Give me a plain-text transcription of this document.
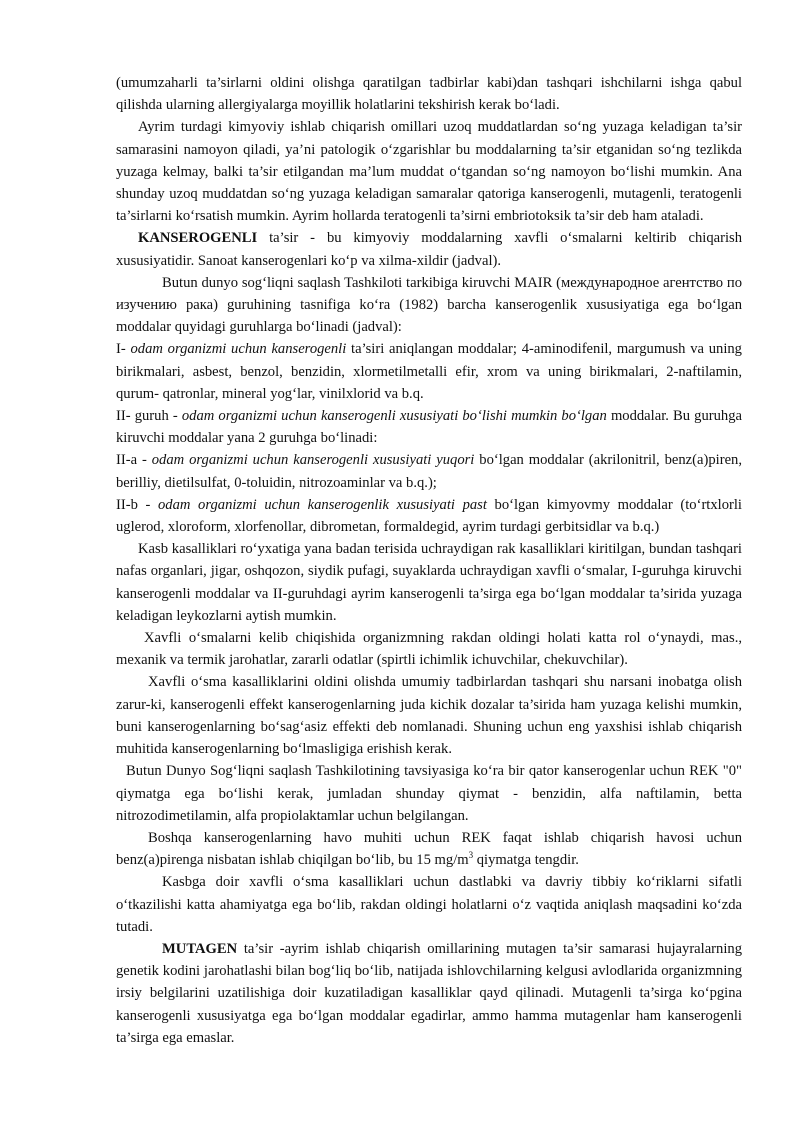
(umumzaharli ta’sirlarni oldini olishga qaratilgan tadbirlar kabi)dan tashqari ishchilarni ishga qabul qilishda ularning allergiyalarga moyillik holatlarini tekshirish kerak bo‘ladi.

Ayrim turdagi kimyoviy ishlab chiqarish omillari uzoq muddatlardan so‘ng yuzaga keladigan ta’sir samarasini namoyon qiladi, ya’ni patologik o‘zgarishlar bu moddalarning ta’sir etganidan so‘ng tezlikda yuzaga kelmay, balki ta’sir etilgandan ma’lum muddat o‘tgandan so‘ng namoyon bo‘lishi mumkin. Ana shunday uzoq muddatdan so‘ng yuzaga keladigan samaralar qatoriga kanserogenli, mutagenli, teratogenli ta’sirlarni ko‘rsatish mumkin. Ayrim hollarda teratogenli ta’sirni embriotoksik ta’sir deb ham ataladi.

KANSEROGENLI ta’sir - bu kimyoviy moddalarning xavfli o‘smalarni keltirib chiqarish xususiyatidir. Sanoat kanserogenlari ko‘p va xilma-xildir (jadval).

Butun dunyo sog‘liqni saqlash Tashkiloti tarkibiga kiruvchi MAIR (международное агентство по изучению рака) guruhining tasnifiga ko‘ra (1982) barcha kanserogenlik xususiyatiga ega bo‘lgan moddalar quyidagi guruhlarga bo‘linadi (jadval):

I- odam organizmi uchun kanserogenli ta’siri aniqlangan moddalar; 4-aminodifenil, margumush va uning birikmalari, asbest, benzol, benzidin, xlormetilmetalli efir, xrom va uning birikmalari, 2-naftilamin, qurum- qatronlar, mineral yog‘lar, vinilxlorid va b.q.

II- guruh - odam organizmi uchun kanserogenli xususiyati bo‘lishi mumkin bo‘lgan moddalar. Bu guruhga kiruvchi moddalar yana 2 guruhga bo‘linadi:

II-a - odam organizmi uchun kanserogenli xususiyati yuqori bo‘lgan moddalar (akrilonitril, benz(a)piren, berilliy, dietilsulfat, 0-toluidin, nitrozoaminlar va b.q.);

II-b - odam organizmi uchun kanserogenlik xususiyati past bo‘lgan kimyovmy moddalar (to‘rtxlorli uglerod, xloroform, xlorfenollar, dibrometan, formaldegid, ayrim turdagi gerbitsidlar va b.q.)

Kasb kasalliklari ro‘yxatiga yana badan terisida uchraydigan rak kasalliklari kiritilgan, bundan tashqari nafas organlari, jigar, oshqozon, siydik pufagi, suyaklarda uchraydigan xavfli o‘smalar, I-guruhga kiruvchi kanserogenli moddalar va II-guruhdagi ayrim kanserogenli ta’sirga ega bo‘lgan moddalar ta’sirida yuzaga keladigan leykozlarni aytish mumkin.

Xavfli o‘smalarni kelib chiqishida organizmning rakdan oldingi holati katta rol o‘ynaydi, mas., mexanik va termik jarohatlar, zararli odatlar (spirtli ichimlik ichuvchilar, chekuvchilar).

Xavfli o‘sma kasalliklarini oldini olishda umumiy tadbirlardan tashqari shu narsani inobatga olish zarur-ki, kanserogenli effekt kanserogenlarning juda kichik dozalar ta’sirida ham yuzaga kelishi mumkin, buni kanserogenlarning bo‘sag‘asiz effekti deb nomlanadi. Shuning uchun eng yaxshisi ishlab chiqarish muhitida kanserogenlarning bo‘lmasligiga erishish kerak.

Butun Dunyo Sog‘liqni saqlash Tashkilotining tavsiyasiga ko‘ra bir qator kanserogenlar uchun REK "0" qiymatga ega bo‘lishi kerak, jumladan shunday qiymat - benzidin, alfa naftilamin, betta nitrozodimetilamin, alfa propiolaktamlar uchun belgilangan.

Boshqa kanserogenlarning havo muhiti uchun REK faqat ishlab chiqarish havosi uchun benz(a)pirenga nisbatan ishlab chiqilgan bo‘lib, bu 15 $mg/m^3$ qiymatga tengdir.

Kasbga doir xavfli o‘sma kasalliklari uchun dastlabki va davriy tibbiy ko‘riklarni sifatli o‘tkazilishi katta ahamiyatga ega bo‘lib, rakdan oldingi holatlarni o‘z vaqtida aniqlash maqsadini ko‘zda tutadi.

MUTAGEN ta’sir -ayrim ishlab chiqarish omillarining mutagen ta’sir samarasi hujayralarning genetik kodini jarohatlashi bilan bog‘liq bo‘lib, natijada ishlovchilarning kelgusi avlodlarida organizmning irsiy belgilarini uzatilishiga doir kuzatiladigan kasalliklar qayd qilinadi. Mutagenli ta’sirga ko‘pgina kanserogenli xususiyatga ega bo‘lgan moddalar egadirlar, ammo hamma mutagenlar ham kanserogenli ta’sirga ega emaslar.
